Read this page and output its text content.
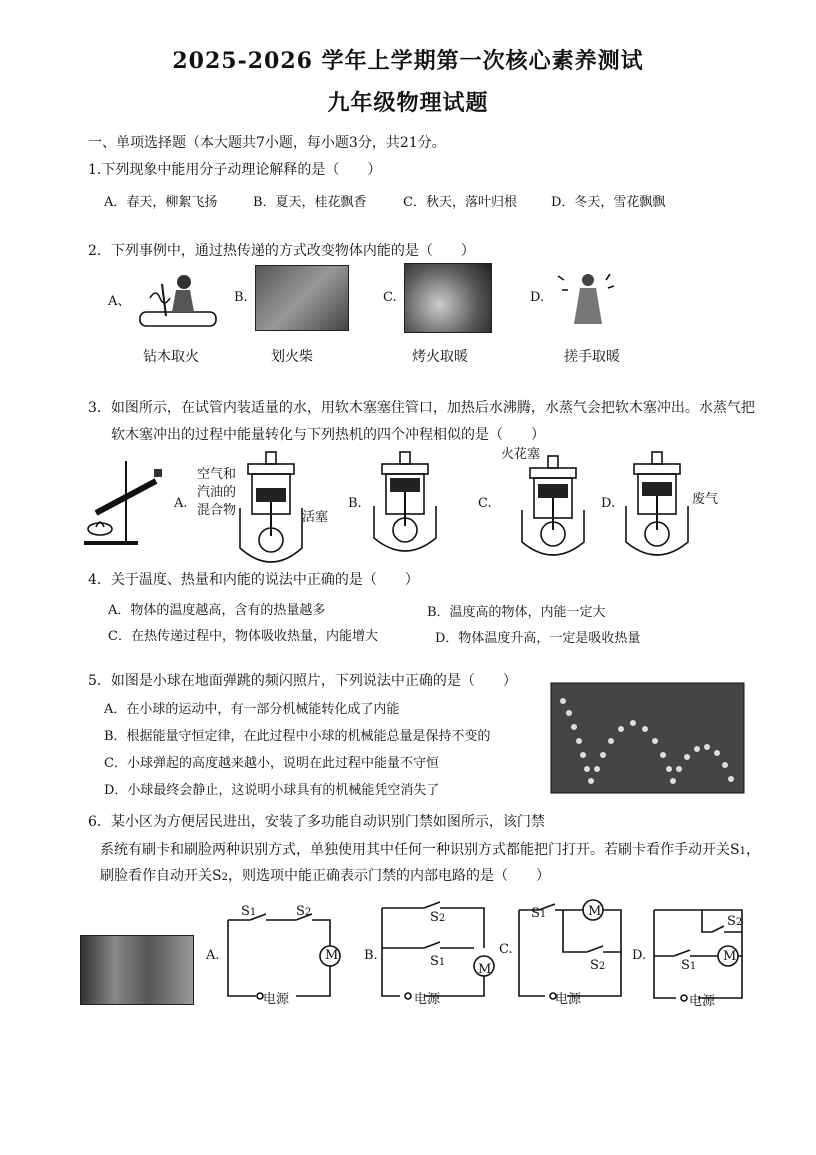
2025-2026 学年上学期第一次核心素养测试
九年级物理试题
一、单项选择题（本大题共7小题，每小题3分，共21分。
1.下列现象中能用分子动理论解释的是（　　）
A．春天，柳絮飞扬	B．夏天，桂花飘香	C．秋天，落叶归根	D．冬天，雪花飘飘
2．下列事例中，通过热传递的方式改变物体内能的是（　　）
A、	B.	C.	D.
钻木取火	划火柴	烤火取暖	搓手取暖
3．如图所示，在试管内装适量的水，用软木塞塞住管口，加热后水沸腾，水蒸气会把软木塞冲出。水蒸气把
软木塞冲出的过程中能量转化与下列热机的四个冲程相似的是（　　）
A.
空气和
汽油的
混合物	活塞
B.	C.
火花塞
D.	废气
4．关于温度、热量和内能的说法中正确的是（　　）
A．物体的温度越高，含有的热量越多	B．温度高的物体，内能一定大
C．在热传递过程中，物体吸收热量，内能增大	D．物体温度升高，一定是吸收热量
5．如图是小球在地面弹跳的频闪照片，下列说法中正确的是（　　）
A．在小球的运动中，有一部分机械能转化成了内能
B．根据能量守恒定律，在此过程中小球的机械能总量是保持不变的
C．小球弹起的高度越来越小，说明在此过程中能量不守恒
D．小球最终会静止，这说明小球具有的机械能凭空消失了
6．某小区为方便居民进出，安装了多功能自动识别门禁如图所示，该门禁
系统有刷卡和刷脸两种识别方式，单独使用其中任何一种识别方式都能把门打开。若刷卡看作手动开关S1，
刷脸看作自动开关S2，则选项中能正确表示门禁的内部电路的是（　　）
A.
S1	S2
M
电源
B.
S2
S1	M
电源
C.
S1	M
S2
电源
D.
S2
S1
M
电源
